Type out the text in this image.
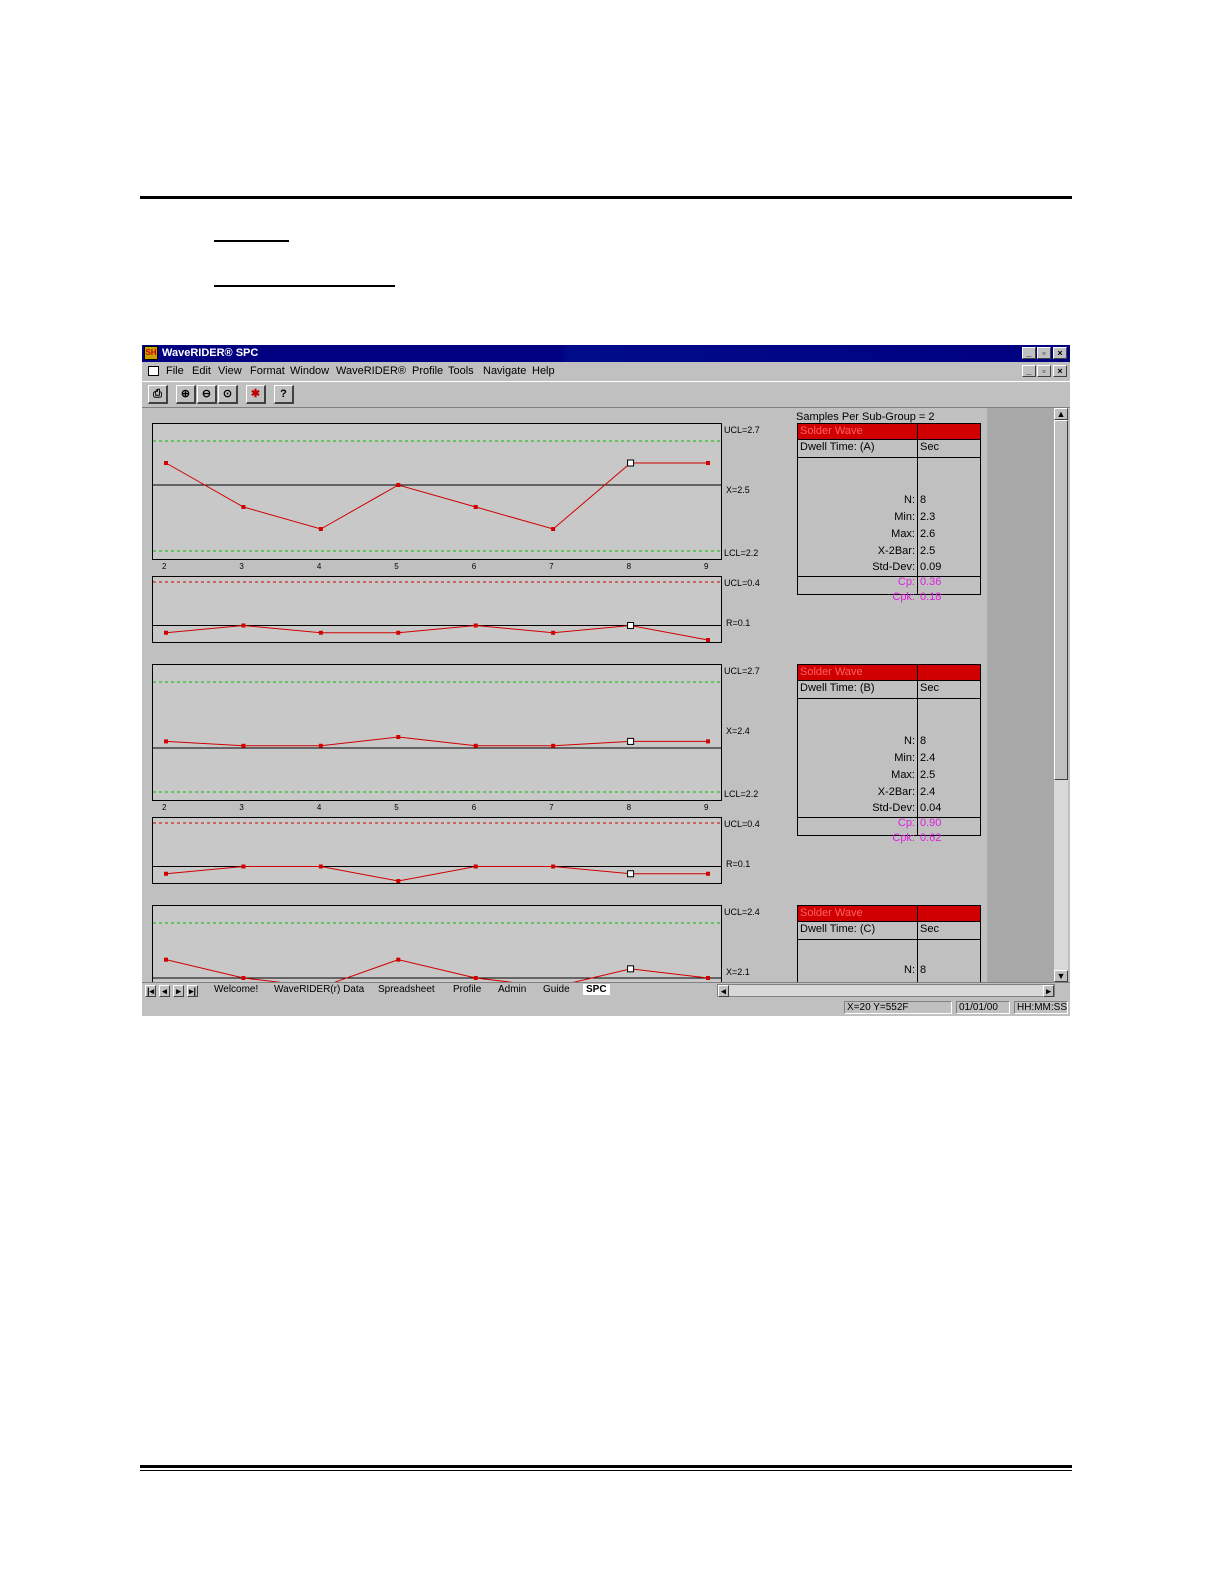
SH WaveRIDER® SPC	_	▫	×
File Edit View Format Window WaveRIDER® Profile Tools Navigate Help	_	▫	×
⎙	⊕	⊖	⊙	✱	?
Samples Per Sub-Group = 2
UCL=2.7
X=2.5
LCL=2.2
2	3	4	5	6	7	8	9
UCL=0.4
R=0.1
Solder Wave
Dwell Time: (A)	Sec
N: 8
Min: 2.3
Max: 2.6
X-2Bar: 2.5
Std-Dev: 0.09
Cp: 0.36
Cpk: 0.18
UCL=2.7
X=2.4
LCL=2.2
2	3	4	5	6	7	8	9
UCL=0.4
R=0.1
Solder Wave
Dwell Time: (B)	Sec
N: 8
Min: 2.4
Max: 2.5
X-2Bar: 2.4
Std-Dev: 0.04
Cp: 0.90
Cpk: 0.62
UCL=2.4
X=2.1
Solder Wave
Dwell Time: (C)	Sec
N: 8
▲
▼
|◂ ◂	▸ ▸| Welcome! WaveRIDER(r) Data Spreadsheet Profile Admin Guide	SPC	◂	▸
X=20 Y=552F	01/01/00	HH:MM:SS
